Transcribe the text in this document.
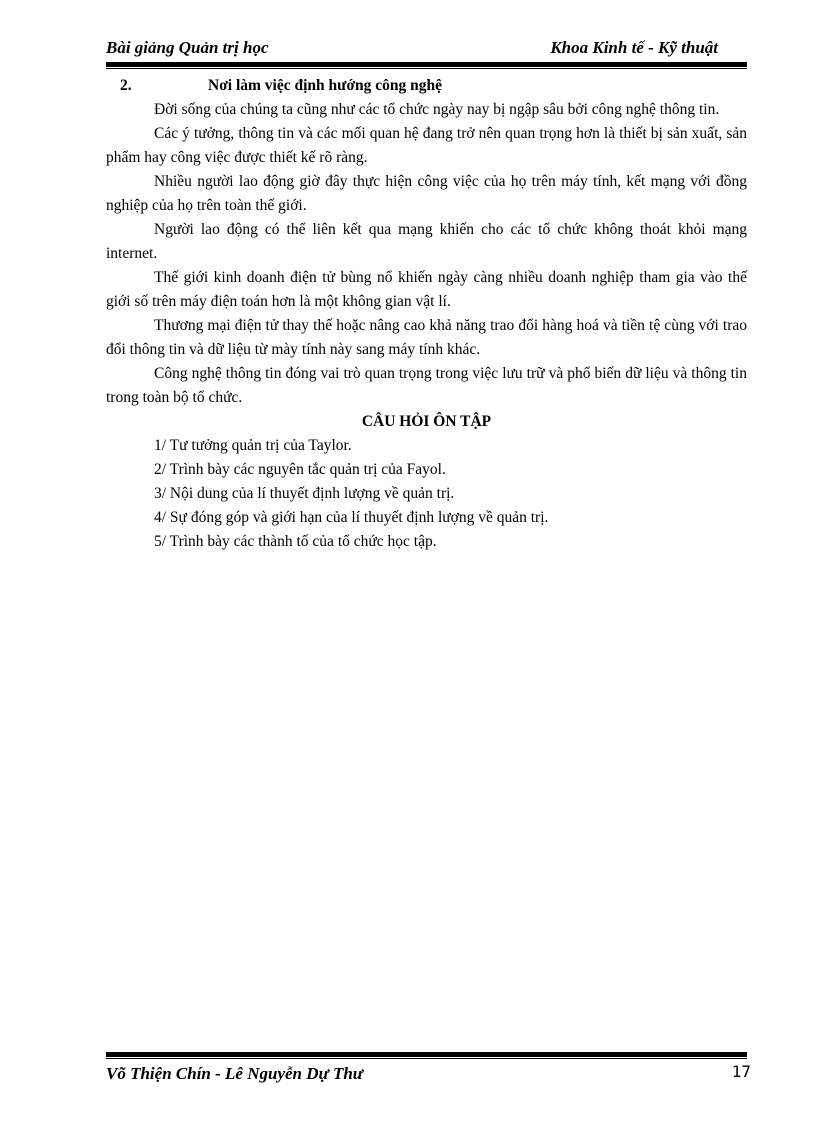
Bài giảng Quản trị học	Khoa Kinh tế - Kỹ thuật
2.	Nơi làm việc định hướng công nghệ

Đời sống của chúng ta cũng như các tổ chức ngày nay bị ngập sâu bởi công nghệ thông tin.

Các ý tưởng, thông tin và các mối quan hệ đang trở nên quan trọng hơn là thiết bị sản xuất, sản phẩm hay công việc được thiết kế rõ ràng.

Nhiều người lao động giờ đây thực hiện công việc của họ trên máy tính, kết mạng với đồng nghiệp của họ trên toàn thế giới.

Người lao động có thể liên kết qua mạng khiến cho các tổ chức không thoát khỏi mạng internet.

Thế giới kinh doanh điện tử bùng nổ khiến ngày càng nhiều doanh nghiệp tham gia vào thế giới số trên máy điện toán hơn là một không gian vật lí.

Thương mại điện tử thay thế hoặc nâng cao khả năng trao đổi hàng hoá và tiền tệ cùng với trao đổi thông tin và dữ liệu từ mày tính này sang máy tính khác.

Công nghệ thông tin đóng vai trò quan trọng trong việc lưu trữ và phổ biến dữ liệu và thông tin trong toàn bộ tổ chức.

CÂU HỎI ÔN TẬP

1/ Tư tưởng quản trị của Taylor.

2/ Trình bày các nguyên tắc quản trị của Fayol.

3/ Nội dung của lí thuyết định lượng về quản trị.

4/ Sự đóng góp và giới hạn của lí thuyết định lượng về quản trị.

5/ Trình bày các thành tố của tổ chức học tập.

Võ Thiện Chín - Lê Nguyễn Dự Thư	17
